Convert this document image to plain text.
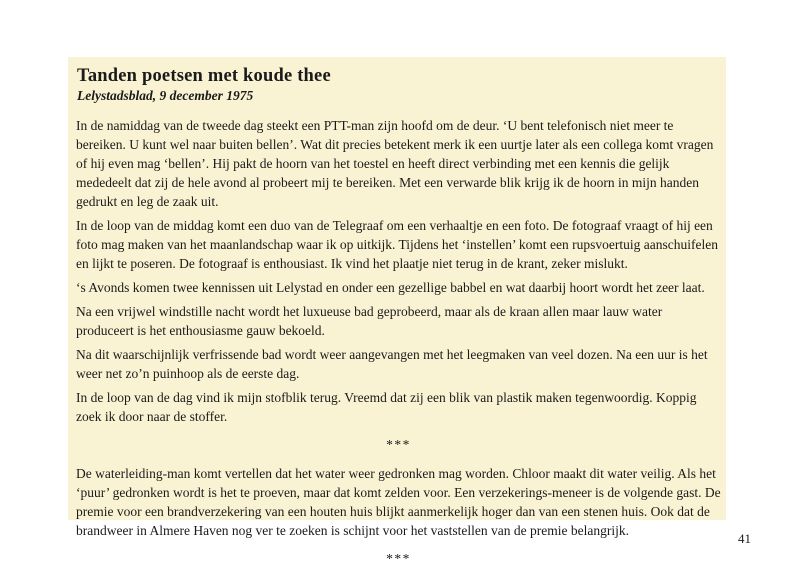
Tanden poetsen met koude thee
Lelystadsblad, 9 december 1975

In de namiddag van de tweede dag steekt een PTT-man zijn hoofd om de deur. ‘U bent telefonisch niet meer te bereiken. U kunt wel naar buiten bellen’. Wat dit precies betekent merk ik een uurtje later als een collega komt vragen of hij even mag ‘bellen’. Hij pakt de hoorn van het toestel en heeft direct verbinding met een kennis die gelijk mededeelt dat zij de hele avond al probeert mij te bereiken. Met een verwarde blik krijg ik de hoorn in mijn handen gedrukt en leg de zaak uit.

In de loop van de middag komt een duo van de Telegraaf om een verhaaltje en een foto. De fotograaf vraagt of hij een foto mag maken van het maanlandschap waar ik op uitkijk. Tijdens het ‘instellen’ komt een rupsvoertuig aanschuifelen en lijkt te poseren. De fotograaf is enthousiast. Ik vind het plaatje niet terug in de krant, zeker mislukt.

‘s Avonds komen twee kennissen uit Lelystad en onder een gezellige babbel en wat daarbij hoort wordt het zeer laat.

Na een vrijwel windstille nacht wordt het luxueuse bad geprobeerd, maar als de kraan allen maar lauw water produceert is het enthousiasme gauw bekoeld.

Na dit waarschijnlijk verfrissende bad wordt weer aangevangen met het leegmaken van veel dozen. Na een uur is het weer net zo’n puinhoop als de eerste dag.

In de loop van de dag vind ik mijn stofblik terug. Vreemd dat zij een blik van plastik maken tegenwoordig. Koppig zoek ik door naar de stoffer.

***

De waterleiding-man komt vertellen dat het water weer gedronken mag worden. Chloor maakt dit water veilig. Als het ‘puur’ gedronken wordt is het te proeven, maar dat komt zelden voor. Een verzekerings-meneer is de volgende gast. De premie voor een brandverzekering van een houten huis blijkt aanmerkelijk hoger dan van een stenen huis. Ook dat de brandweer in Almere Haven nog ver te zoeken is schijnt voor het vaststellen van de premie belangrijk.

***

41
